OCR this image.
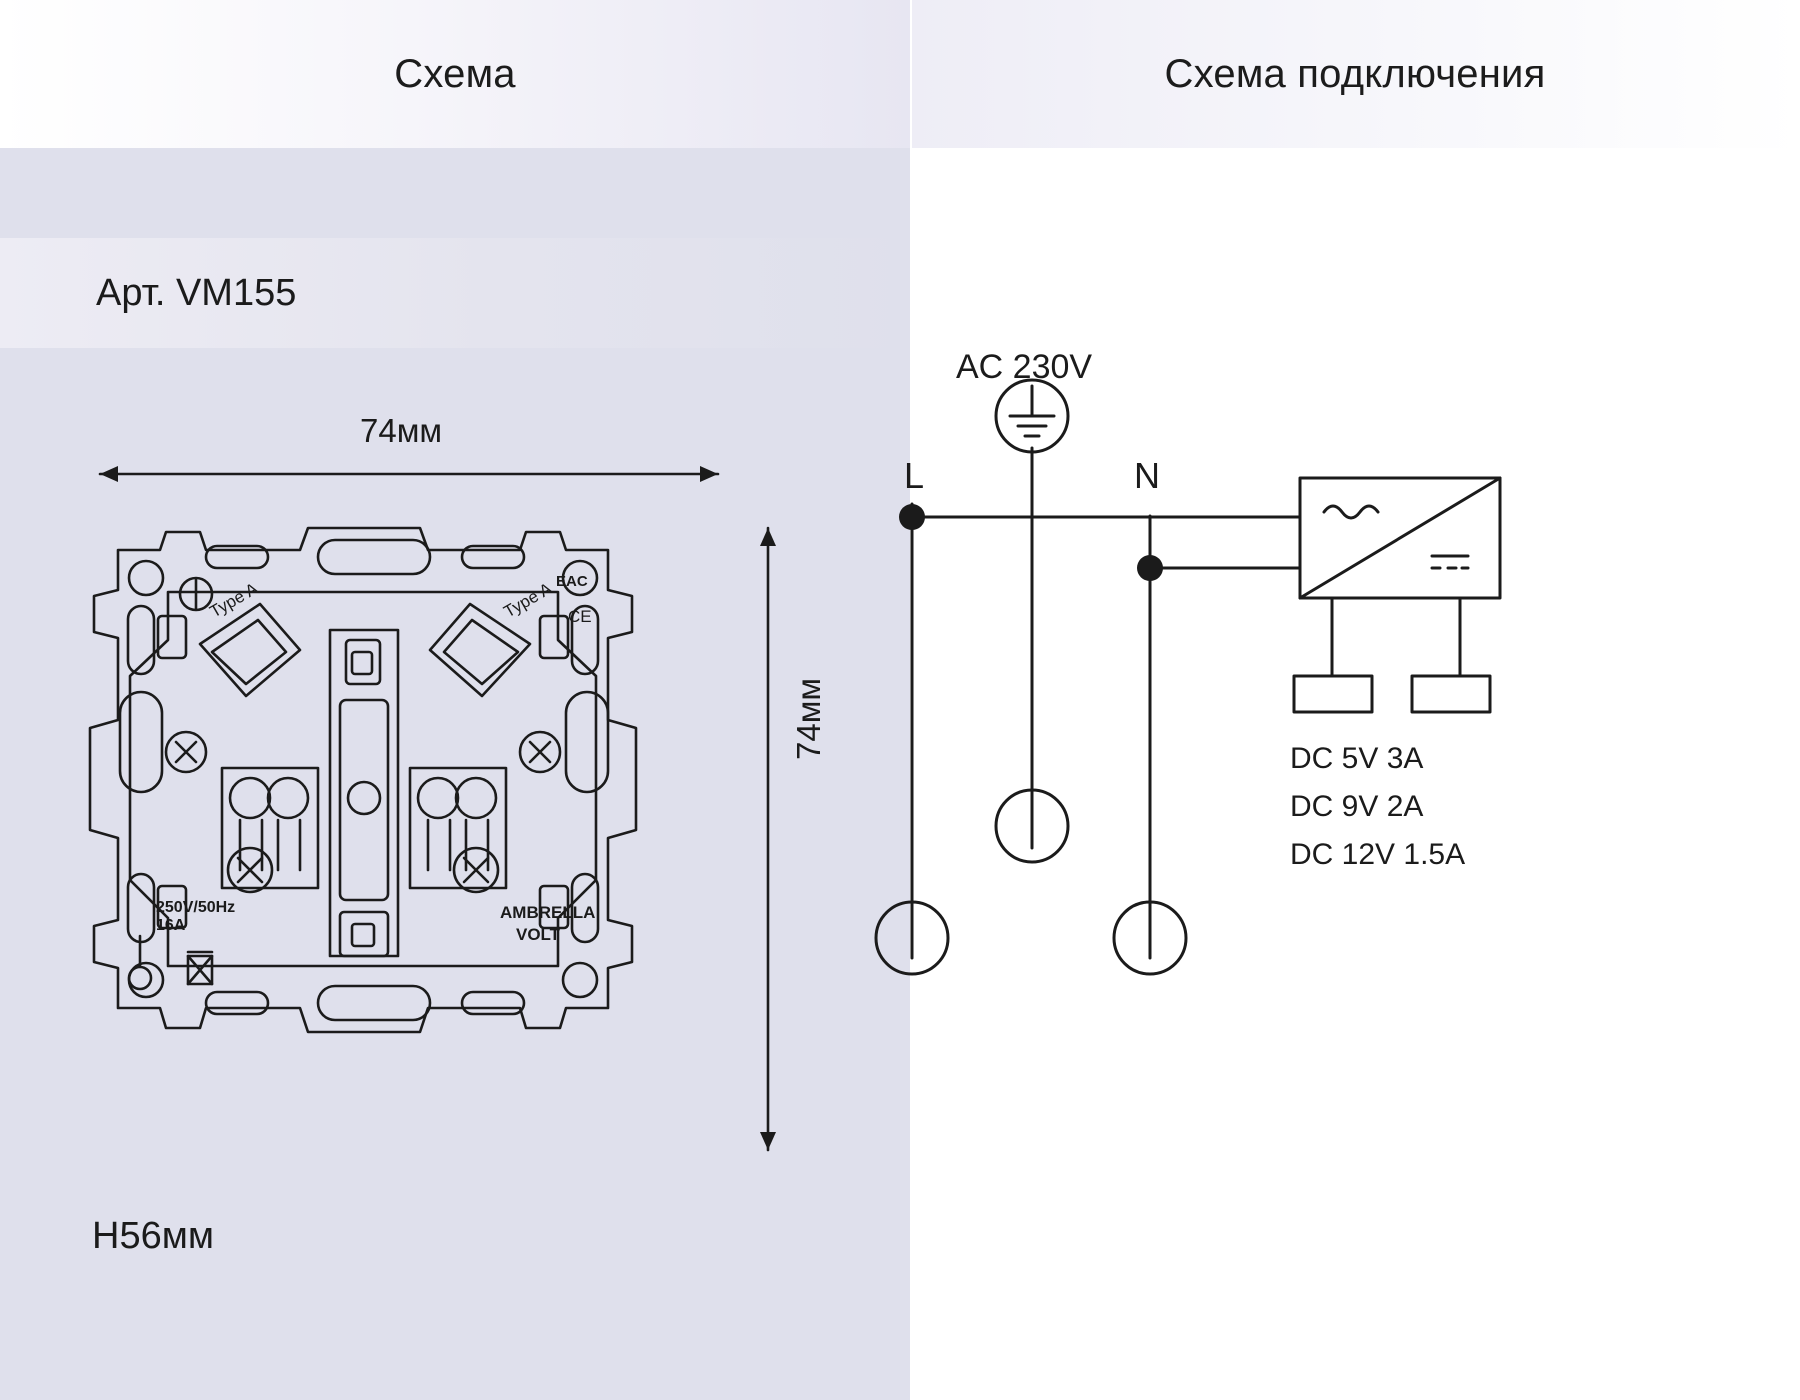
Схема	Схема подключения
Арт. VM155
74мм
74мм
H56мм
Type A	Type A EAC
CE
250V/50Hz
16A
AMBRELLA
VOLT
AC 230V
L	N
DC 5V 3A
DC 9V 2A
DC 12V 1.5A
